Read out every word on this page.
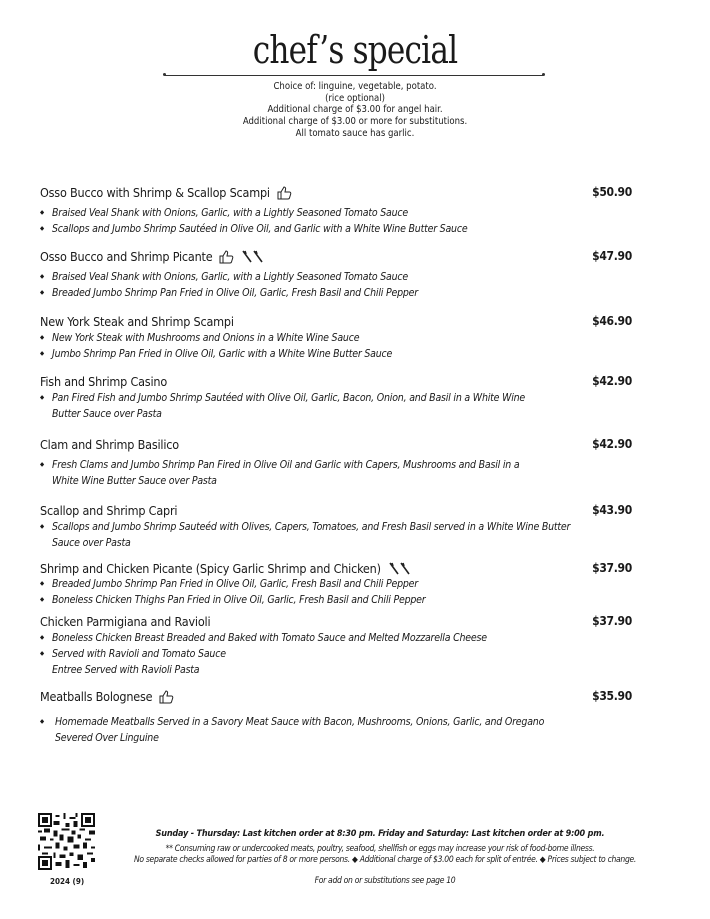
chef’s special
Choice of: linguine, vegetable, potato.
(rice optional)
Additional charge of $3.00 for angel hair.
Additional charge of $3.00 or more for substitutions.
All tomato sauce has garlic.
Osso Bucco with Shrimp & Scallop Scampi	$50.90
◆ Braised Veal Shank with Onions, Garlic, with a Lightly Seasoned Tomato Sauce
◆ Scallops and Jumbo Shrimp Sautéed in Olive Oil, and Garlic with a White Wine Butter Sauce
Osso Bucco and Shrimp Picante	$47.90
◆ Braised Veal Shank with Onions, Garlic, with a Lightly Seasoned Tomato Sauce
◆ Breaded Jumbo Shrimp Pan Fried in Olive Oil, Garlic, Fresh Basil and Chili Pepper
New York Steak and Shrimp Scampi	$46.90
◆ New York Steak with Mushrooms and Onions in a White Wine Sauce
◆ Jumbo Shrimp Pan Fried in Olive Oil, Garlic with a White Wine Butter Sauce
Fish and Shrimp Casino	$42.90
◆ Pan Fired Fish and Jumbo Shrimp Sautéed with Olive Oil, Garlic, Bacon, Onion, and Basil in a White Wine
Butter Sauce over Pasta
Clam and Shrimp Basilico	$42.90
◆ Fresh Clams and Jumbo Shrimp Pan Fired in Olive Oil and Garlic with Capers, Mushrooms and Basil in a
White Wine Butter Sauce over Pasta
Scallop and Shrimp Capri	$43.90
◆ Scallops and Jumbo Shrimp Sauteéd with Olives, Capers, Tomatoes, and Fresh Basil served in a White Wine Butter
Sauce over Pasta
Shrimp and Chicken Picante (Spicy Garlic Shrimp and Chicken)	$37.90
◆ Breaded Jumbo Shrimp Pan Fried in Olive Oil, Garlic, Fresh Basil and Chili Pepper
◆ Boneless Chicken Thighs Pan Fried in Olive Oil, Garlic, Fresh Basil and Chili Pepper
Chicken Parmigiana and Ravioli	$37.90
◆ Boneless Chicken Breast Breaded and Baked with Tomato Sauce and Melted Mozzarella Cheese
◆ Served with Ravioli and Tomato Sauce
Entree Served with Ravioli Pasta
Meatballs Bolognese	$35.90
◆ Homemade Meatballs Served in a Savory Meat Sauce with Bacon, Mushrooms, Onions, Garlic, and Oregano
Severed Over Linguine
2024 (9)
Sunday - Thursday: Last kitchen order at 8:30 pm. Friday and Saturday: Last kitchen order at 9:00 pm.
** Consuming raw or undercooked meats, poultry, seafood, shellfish or eggs may increase your risk of food-borne illness.
No separate checks allowed for parties of 8 or more persons. ◆ Additional charge of $3.00 each for split of entrée. ◆ Prices subject to change.
For add on or substitutions see page 10
